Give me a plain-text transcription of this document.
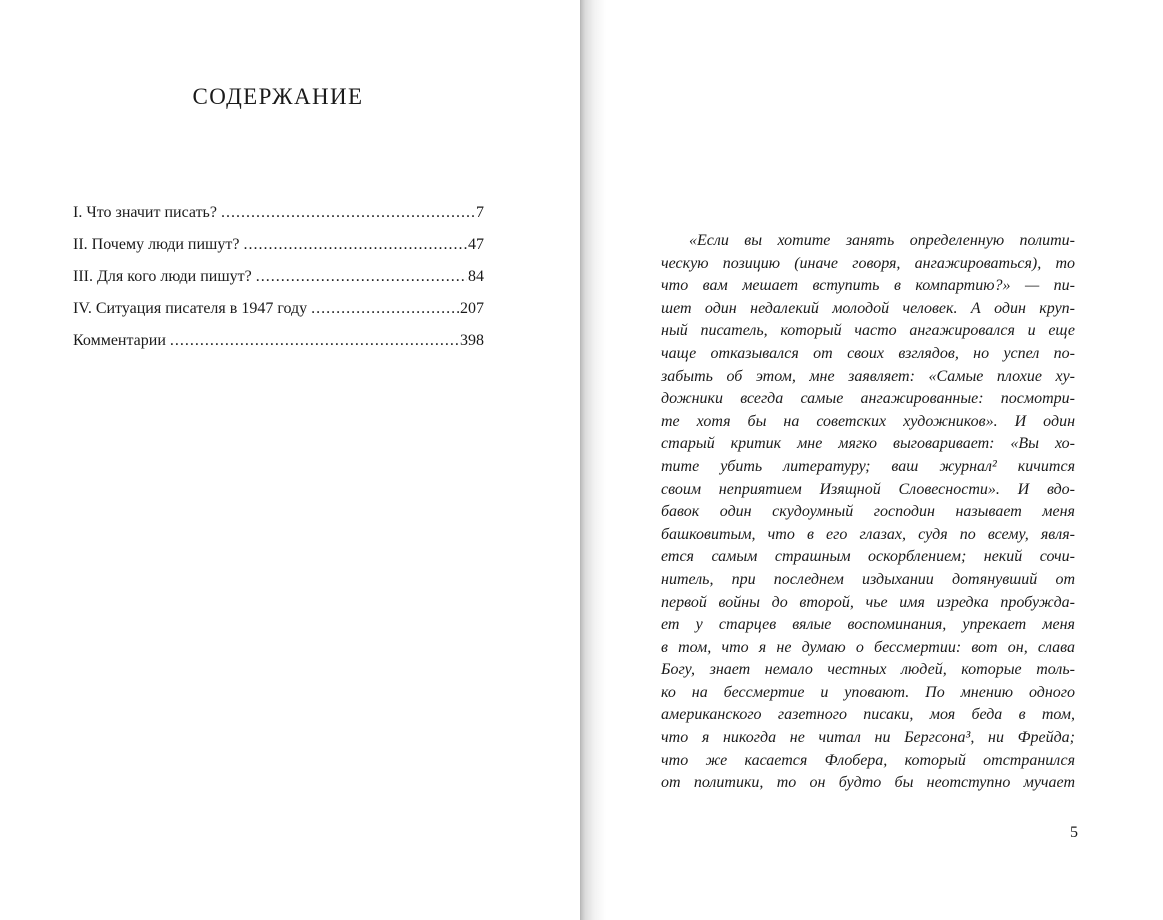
СОДЕРЖАНИЕ
I. Что значит писать? .....	7
II. Почему люди пишут? .....	47
III. Для кого люди пишут? .....	84
IV. Ситуация писателя в 1947 году .....	207
Комментарии .....	398
«Если вы хотите занять определенную полити-
ческую позицию (иначе говоря, ангажироваться), то
что вам мешает вступить в компартию?» — пи-
шет один недалекий молодой человек. А один круп-
ный писатель, который часто ангажировался и еще
чаще отказывался от своих взглядов, но успел по-
забыть об этом, мне заявляет: «Самые плохие ху-
дожники всегда самые ангажированные: посмотри-
те хотя бы на советских художников». И один
старый критик мне мягко выговаривает: «Вы хо-
тите убить литературу; ваш журнал² кичится
своим неприятием Изящной Словесности». И вдо-
бавок один скудоумный господин называет меня
башковитым, что в его глазах, судя по всему, явля-
ется самым страшным оскорблением; некий сочи-
нитель, при последнем издыхании дотянувший от
первой войны до второй, чье имя изредка пробужда-
ет у старцев вялые воспоминания, упрекает меня
в том, что я не думаю о бессмертии: вот он, слава
Богу, знает немало честных людей, которые толь-
ко на бессмертие и уповают. По мнению одного
американского газетного писаки, моя беда в том,
что я никогда не читал ни Бергсона³, ни Фрейда;
что же касается Флобера, который отстранился
от политики, то он будто бы неотступно мучает
5
